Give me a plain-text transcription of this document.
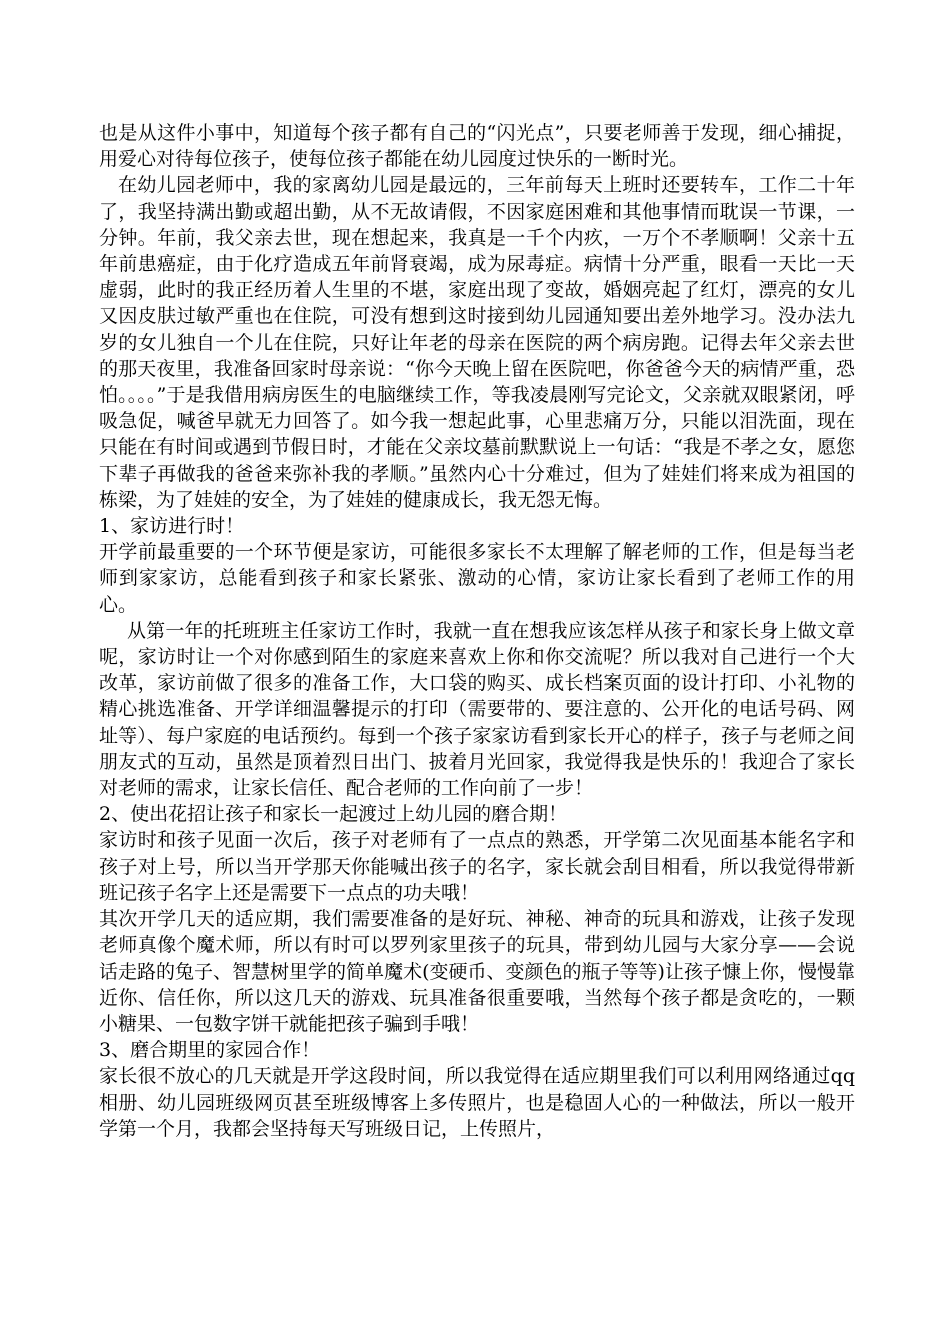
也是从这件小事中，知道每个孩子都有自己的“闪光点”，只要老师善于发现，细心捕捉，用爱心对待每位孩子，使每位孩子都能在幼儿园度过快乐的一断时光。

在幼儿园老师中，我的家离幼儿园是最远的，三年前每天上班时还要转车，工作二十年了，我坚持满出勤或超出勤，从不无故请假，不因家庭困难和其他事情而耽误一节课，一分钟。年前，我父亲去世，现在想起来，我真是一千个内疚，一万个不孝顺啊！父亲十五年前患癌症，由于化疗造成五年前肾衰竭，成为尿毒症。病情十分严重，眼看一天比一天虚弱，此时的我正经历着人生里的不堪，家庭出现了变故，婚姻亮起了红灯，漂亮的女儿又因皮肤过敏严重也在住院，可没有想到这时接到幼儿园通知要出差外地学习。没办法九岁的女儿独自一个儿在住院，只好让年老的母亲在医院的两个病房跑。记得去年父亲去世的那天夜里，我准备回家时母亲说：“你今天晚上留在医院吧，你爸爸今天的病情严重，恐怕。。。。”于是我借用病房医生的电脑继续工作，等我凌晨刚写完论文，父亲就双眼紧闭，呼吸急促，喊爸早就无力回答了。如今我一想起此事，心里悲痛万分，只能以泪洗面，现在只能在有时间或遇到节假日时，才能在父亲坟墓前默默说上一句话：“我是不孝之女，愿您下辈子再做我的爸爸来弥补我的孝顺。”虽然内心十分难过，但为了娃娃们将来成为祖国的栋梁，为了娃娃的安全，为了娃娃的健康成长，我无怨无悔。

1、家访进行时！

开学前最重要的一个环节便是家访，可能很多家长不太理解了解老师的工作，但是每当老师到家家访，总能看到孩子和家长紧张、激动的心情，家访让家长看到了老师工作的用心。

从第一年的托班班主任家访工作时，我就一直在想我应该怎样从孩子和家长身上做文章呢，家访时让一个对你感到陌生的家庭来喜欢上你和你交流呢？所以我对自己进行一个大改革，家访前做了很多的准备工作，大口袋的购买、成长档案页面的设计打印、小礼物的精心挑选准备、开学详细温馨提示的打印（需要带的、要注意的、公开化的电话号码、网址等）、每户家庭的电话预约。每到一个孩子家家访看到家长开心的样子，孩子与老师之间朋友式的互动，虽然是顶着烈日出门、披着月光回家，我觉得我是快乐的！我迎合了家长对老师的需求，让家长信任、配合老师的工作向前了一步！

2、使出花招让孩子和家长一起渡过上幼儿园的磨合期！

家访时和孩子见面一次后，孩子对老师有了一点点的熟悉，开学第二次见面基本能名字和孩子对上号，所以当开学那天你能喊出孩子的名字，家长就会刮目相看，所以我觉得带新班记孩子名字上还是需要下一点点的功夫哦！

其次开学几天的适应期，我们需要准备的是好玩、神秘、神奇的玩具和游戏，让孩子发现老师真像个魔术师，所以有时可以罗列家里孩子的玩具，带到幼儿园与大家分享——会说话走路的兔子、智慧树里学的简单魔术(变硬币、变颜色的瓶子等等)让孩子慷上你，慢慢靠近你、信任你，所以这几天的游戏、玩具准备很重要哦，当然每个孩子都是贪吃的，一颗小糖果、一包数字饼干就能把孩子骗到手哦！

3、磨合期里的家园合作！

家长很不放心的几天就是开学这段时间，所以我觉得在适应期里我们可以利用网络通过qq相册、幼儿园班级网页甚至班级博客上多传照片，也是稳固人心的一种做法，所以一般开学第一个月，我都会坚持每天写班级日记，上传照片，
